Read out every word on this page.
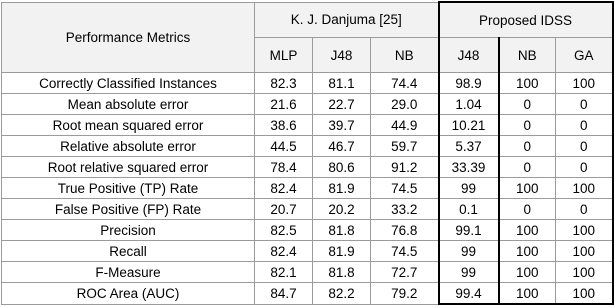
Performance Metrics	K. J. Danjuma [25]			Proposed IDSS		
	MLP	J48	NB	J48	NB	GA
Correctly Classified Instances	82.3	81.1	74.4	98.9	100	100
Mean absolute error	21.6	22.7	29.0	1.04	0	0
Root mean squared error	38.6	39.7	44.9	10.21	0	0
Relative absolute error	44.5	46.7	59.7	5.37	0	0
Root relative squared error	78.4	80.6	91.2	33.39	0	0
True Positive (TP) Rate	82.4	81.9	74.5	99	100	100
False Positive (FP) Rate	20.7	20.2	33.2	0.1	0	0
Precision	82.5	81.8	76.8	99.1	100	100
Recall	82.4	81.9	74.5	99	100	100
F-Measure	82.1	81.8	72.7	99	100	100
ROC Area (AUC)	84.7	82.2	79.2	99.4	100	100
